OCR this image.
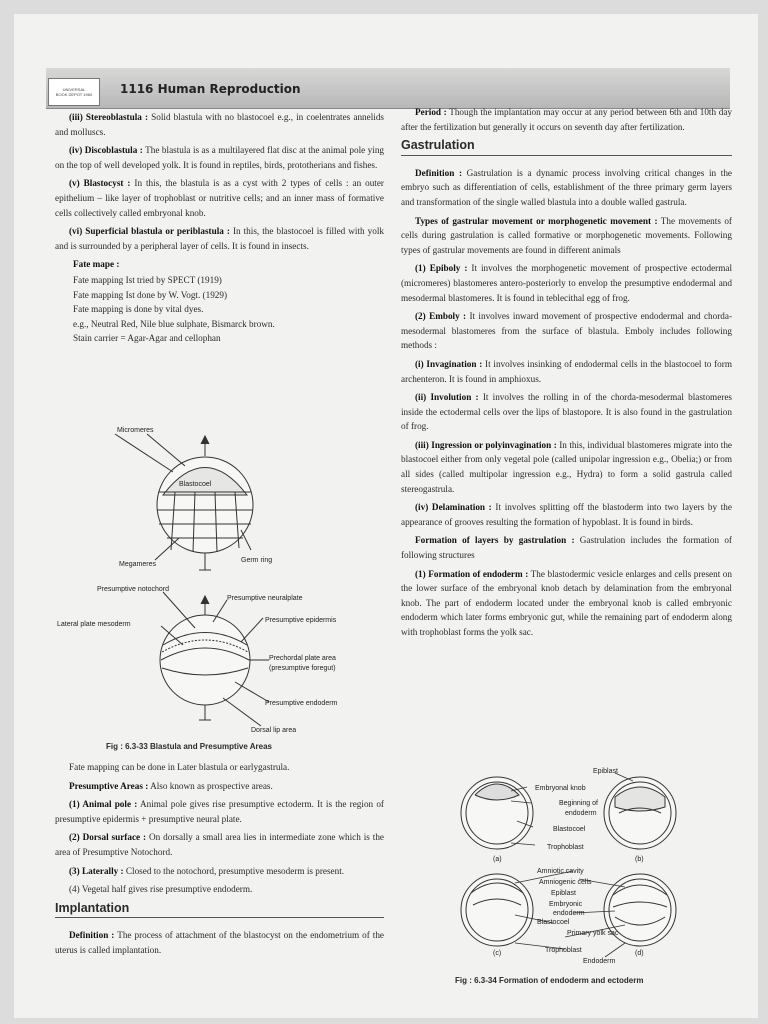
UNIVERSAL
BOOK DEPOT 1960	1116 Human Reproduction

(iii) Stereoblastula : Solid blastula with no blastocoel e.g., in coelentrates annelids and molluscs.

(iv) Discoblastula : The blastula is as a multilayered flat disc at the animal pole ying on the top of well developed yolk. It is found in reptiles, birds, prototherians and fishes.

(v) Blastocyst : In this, the blastula is as a cyst with 2 types of cells : an outer epithelium – like layer of trophoblast or nutritive cells; and an inner mass of formative cells collectively called embryonal knob.

(vi) Superficial blastula or periblastula : In this, the blastocoel is filled with yolk and is surrounded by a peripheral layer of cells. It is found in insects.

Fate mape :

Fate mapping Ist tried by SPECT (1919)

Fate mapping Ist done by W. Vogt. (1929)

Fate mapping is done by vital dyes.

e.g., Neutral Red, Nile blue sulphate, Bismarck brown.

Stain carrier = Agar-Agar and cellophan

Micromeres
Blastocoel
Megameres
Germ ring
Presumptive notochord
Presumptive neuralplate
Lateral plate mesoderm
Presumptive epidermis
Prechordal plate area
(presumptive foregut)
Presumptive endoderm
Dorsal lip area
Fig : 6.3-33 Blastula and Presumptive Areas

Fate mapping can be done in Later blastula or earlygastrula.

Presumptive Areas : Also known as prospective areas.

(1) Animal pole : Animal pole gives rise presumptive ectoderm. It is the region of presumptive epidermis + presumptive neural plate.

(2) Dorsal surface : On dorsally a small area lies in intermediate zone which is the area of Presumptive Notochord.

(3) Laterally : Closed to the notochord, presumptive mesoderm is present.

(4) Vegetal half gives rise presumptive endoderm.

Implantation

Definition : The process of attachment of the blastocyst on the endometrium of the uterus is called implantation.

Period : Though the implantation may occur at any period between 6th and 10th day after the fertilization but generally it occurs on seventh day after fertilization.

Gastrulation

Definition : Gastrulation is a dynamic process involving critical changes in the embryo such as differentiation of cells, establishment of the three primary germ layers and transformation of the single walled blastula into a double walled gastrula.

Types of gastrular movement or morphogenetic movement : The movements of cells during gastrulation is called formative or morphogenetic movements. Following types of gastrular movements are found in different animals

(1) Epiboly : It involves the morphogenetic movement of prospective ectodermal (micromeres) blastomeres antero-posteriorly to envelop the presumptive endodermal and mesodermal blastomeres. It is found in teblecithal egg of frog.

(2) Emboly : It involves inward movement of prospective endodermal and chorda-mesodermal blastomeres from the surface of blastula. Emboly includes following methods :

(i) Invagination : It involves insinking of endodermal cells in the blastocoel to form archenteron. It is found in amphioxus.

(ii) Involution : It involves the rolling in of the chorda-mesodermal blastomeres inside the ectodermal cells over the lips of blastopore. It is also found in the gastrulation of frog.

(iii) Ingression or polyinvagination : In this, individual blastomeres migrate into the blastocoel either from only vegetal pole (called unipolar ingression e.g., Obelia;) or from all sides (called multipolar ingression e.g., Hydra) to form a solid gastrula called stereogastrula.

(iv) Delamination : It involves splitting off the blastoderm into two layers by the appearance of grooves resulting the formation of hypoblast. It is found in birds.

Formation of layers by gastrulation : Gastrulation includes the formation of following structures

(1) Formation of endoderm : The blastodermic vesicle enlarges and cells present on the lower surface of the embryonal knob detach by delamination from the embryonal knob. The part of endoderm located under the embryonal knob is called embryonic endoderm which later forms embryonic gut, while the remaining part of endoderm along with trophoblast forms the yolk sac.

Epiblast
Embryonal knob
Beginning of
endoderm
Blastocoel
Trophoblast
(a)	(b)
Amniotic cavity
Amniogenic cells
Epiblast
Embryonic
endoderm
Blastocoel
Primary yolk sac
Trophoblast
Endoderm
(c)	(d)
Fig : 6.3-34 Formation of endoderm and ectoderm
